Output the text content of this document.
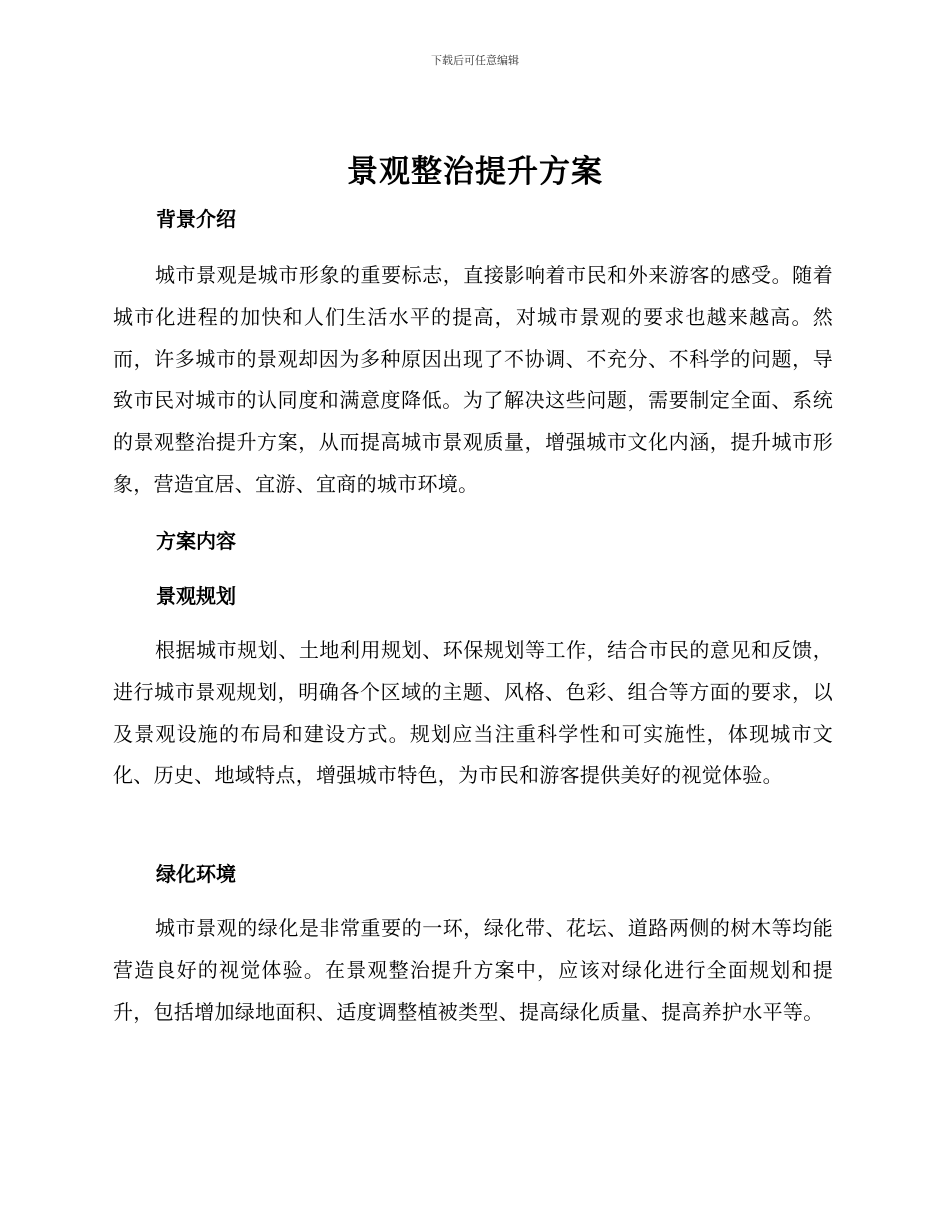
下载后可任意编辑
景观整治提升方案
背景介绍

城市景观是城市形象的重要标志，直接影响着市民和外来游客的感受。随着城市化进程的加快和人们生活水平的提高，对城市景观的要求也越来越高。然而，许多城市的景观却因为多种原因出现了不协调、不充分、不科学的问题，导致市民对城市的认同度和满意度降低。为了解决这些问题，需要制定全面、系统的景观整治提升方案，从而提高城市景观质量，增强城市文化内涵，提升城市形象，营造宜居、宜游、宜商的城市环境。

方案内容
景观规划

根据城市规划、土地利用规划、环保规划等工作，结合市民的意见和反馈，进行城市景观规划，明确各个区域的主题、风格、色彩、组合等方面的要求，以及景观设施的布局和建设方式。规划应当注重科学性和可实施性，体现城市文化、历史、地域特点，增强城市特色，为市民和游客提供美好的视觉体验。

绿化环境

城市景观的绿化是非常重要的一环，绿化带、花坛、道路两侧的树木等均能营造良好的视觉体验。在景观整治提升方案中，应该对绿化进行全面规划和提升，包括增加绿地面积、适度调整植被类型、提高绿化质量、提高养护水平等。
